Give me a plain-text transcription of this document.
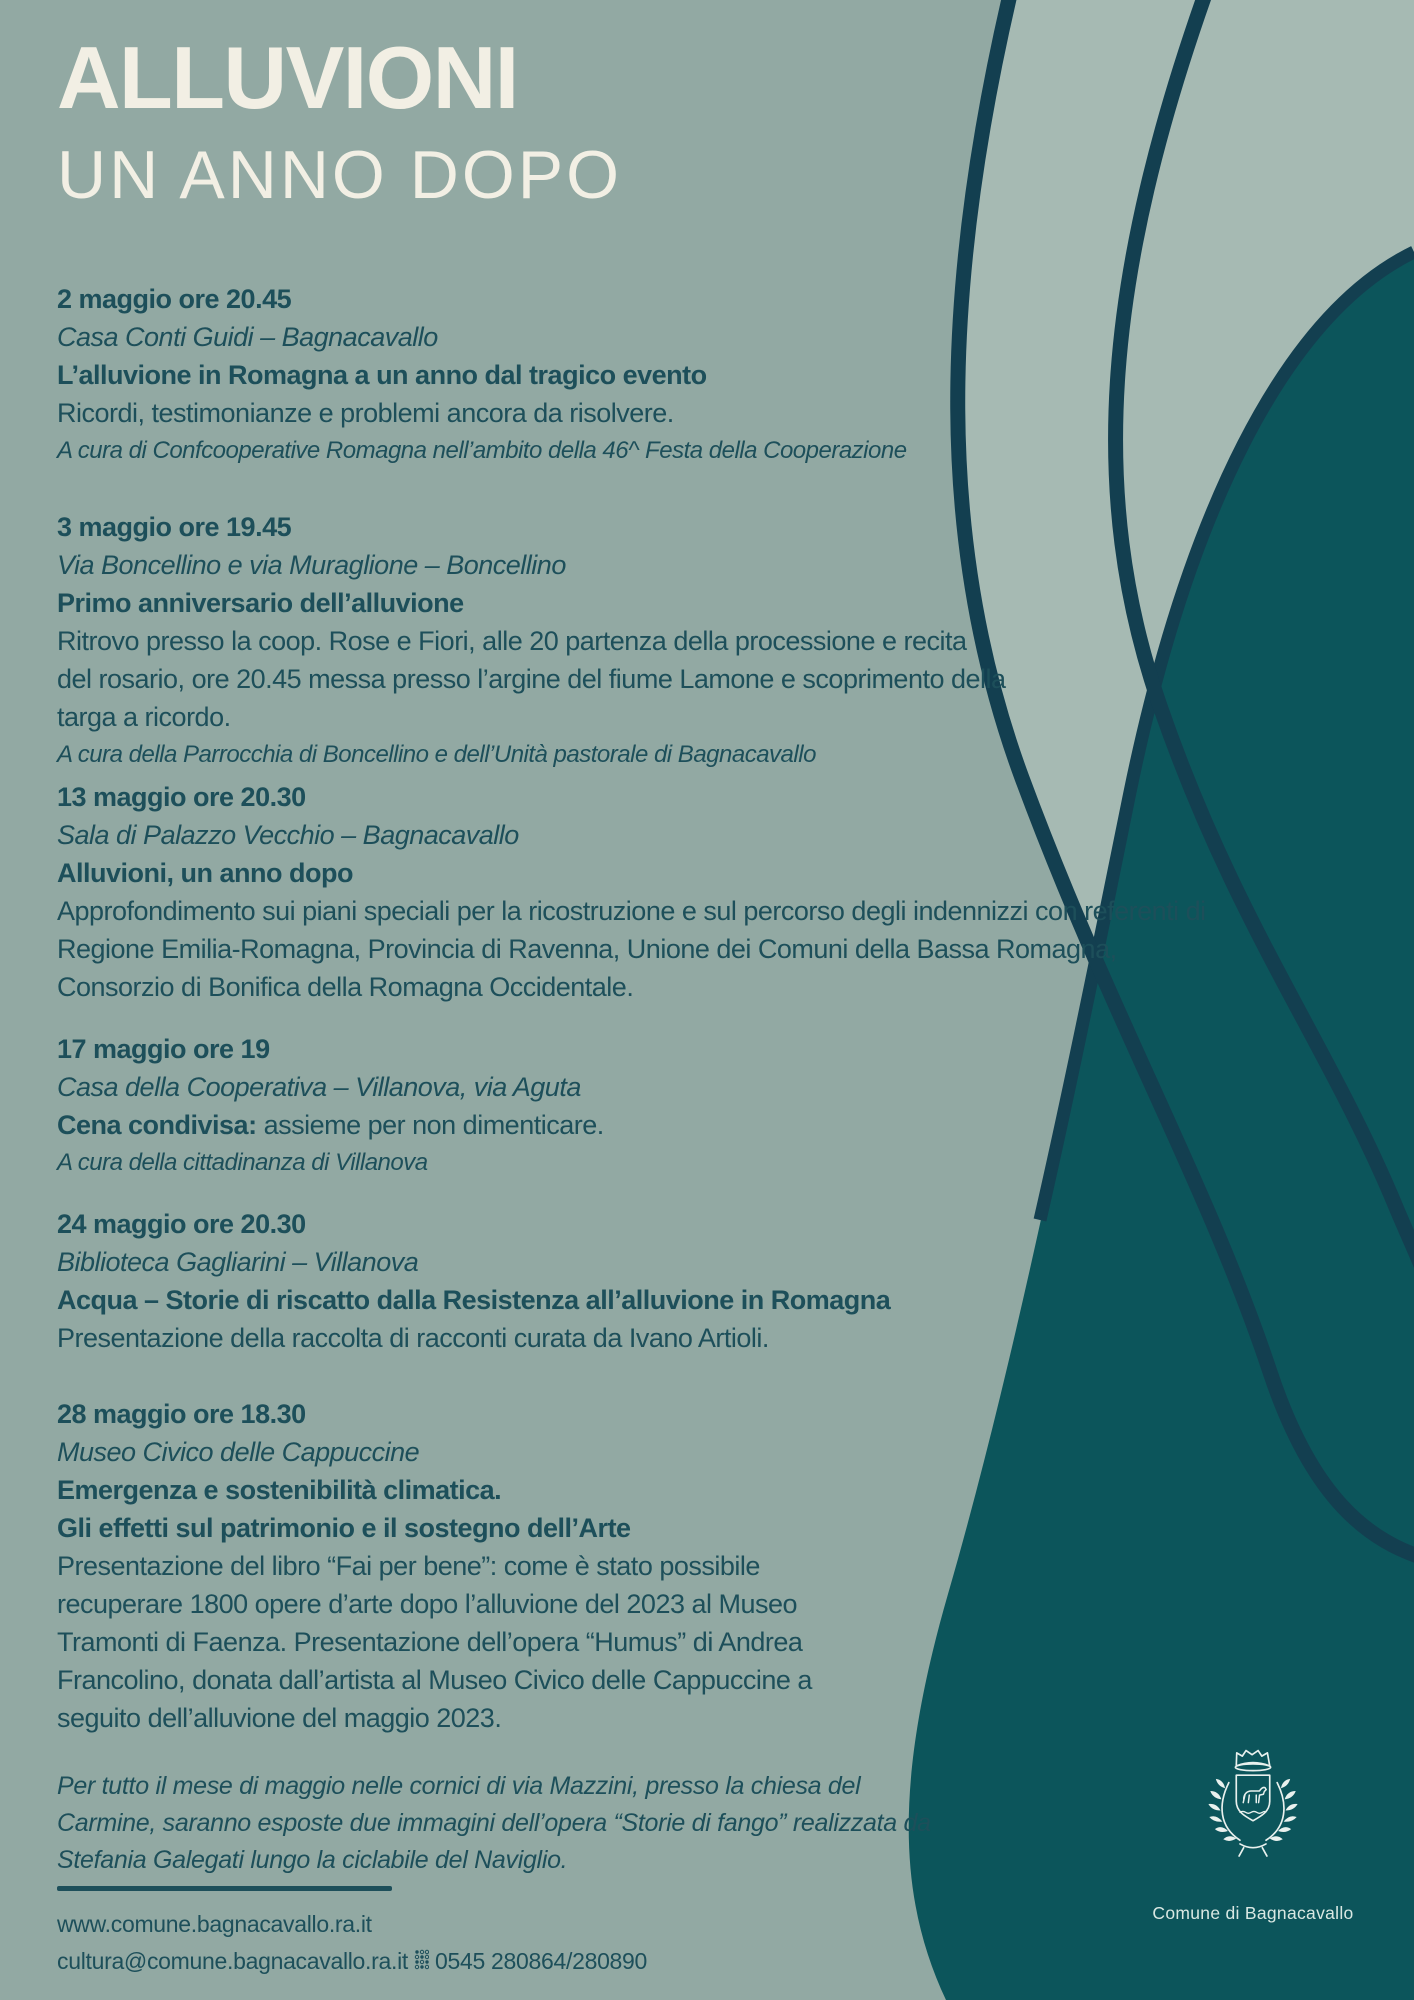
ALLUVIONI
UN ANNO DOPO
2 maggio ore 20.45
Casa Conti Guidi – Bagnacavallo
L’alluvione in Romagna a un anno dal tragico evento
Ricordi, testimonianze e problemi ancora da risolvere.
A cura di Confcooperative Romagna nell’ambito della 46^ Festa della Cooperazione
3 maggio ore 19.45
Via Boncellino e via Muraglione – Boncellino
Primo anniversario dell’alluvione
Ritrovo presso la coop. Rose e Fiori, alle 20 partenza della processione e recita del rosario, ore 20.45 messa presso l’argine del fiume Lamone e scoprimento della targa a ricordo.
A cura della Parrocchia di Boncellino e dell’Unità pastorale di Bagnacavallo
13 maggio ore 20.30
Sala di Palazzo Vecchio – Bagnacavallo
Alluvioni, un anno dopo
Approfondimento sui piani speciali per la ricostruzione e sul percorso degli indennizzi con referenti di Regione Emilia-Romagna, Provincia di Ravenna, Unione dei Comuni della Bassa Romagna, Consorzio di Bonifica della Romagna Occidentale.
17 maggio ore 19
Casa della Cooperativa – Villanova, via Aguta
Cena condivisa: assieme per non dimenticare.
A cura della cittadinanza di Villanova
24 maggio ore 20.30
Biblioteca Gagliarini – Villanova
Acqua – Storie di riscatto dalla Resistenza all’alluvione in Romagna
Presentazione della raccolta di racconti curata da Ivano Artioli.
28 maggio ore 18.30
Museo Civico delle Cappuccine
Emergenza e sostenibilità climatica.
Gli effetti sul patrimonio e il sostegno dell’Arte
Presentazione del libro “Fai per bene”: come è stato possibile recuperare 1800 opere d’arte dopo l’alluvione del 2023 al Museo Tramonti di Faenza. Presentazione dell’opera “Humus” di Andrea Francolino, donata dall’artista al Museo Civico delle Cappuccine a seguito dell’alluvione del maggio 2023.
Per tutto il mese di maggio nelle cornici di via Mazzini, presso la chiesa del Carmine, saranno esposte due immagini dell’opera “Storie di fango” realizzata da Stefania Galegati lungo la ciclabile del Naviglio.
www.comune.bagnacavallo.ra.it
cultura@comune.bagnacavallo.ra.it 0545 280864/280890
Comune di Bagnacavallo
